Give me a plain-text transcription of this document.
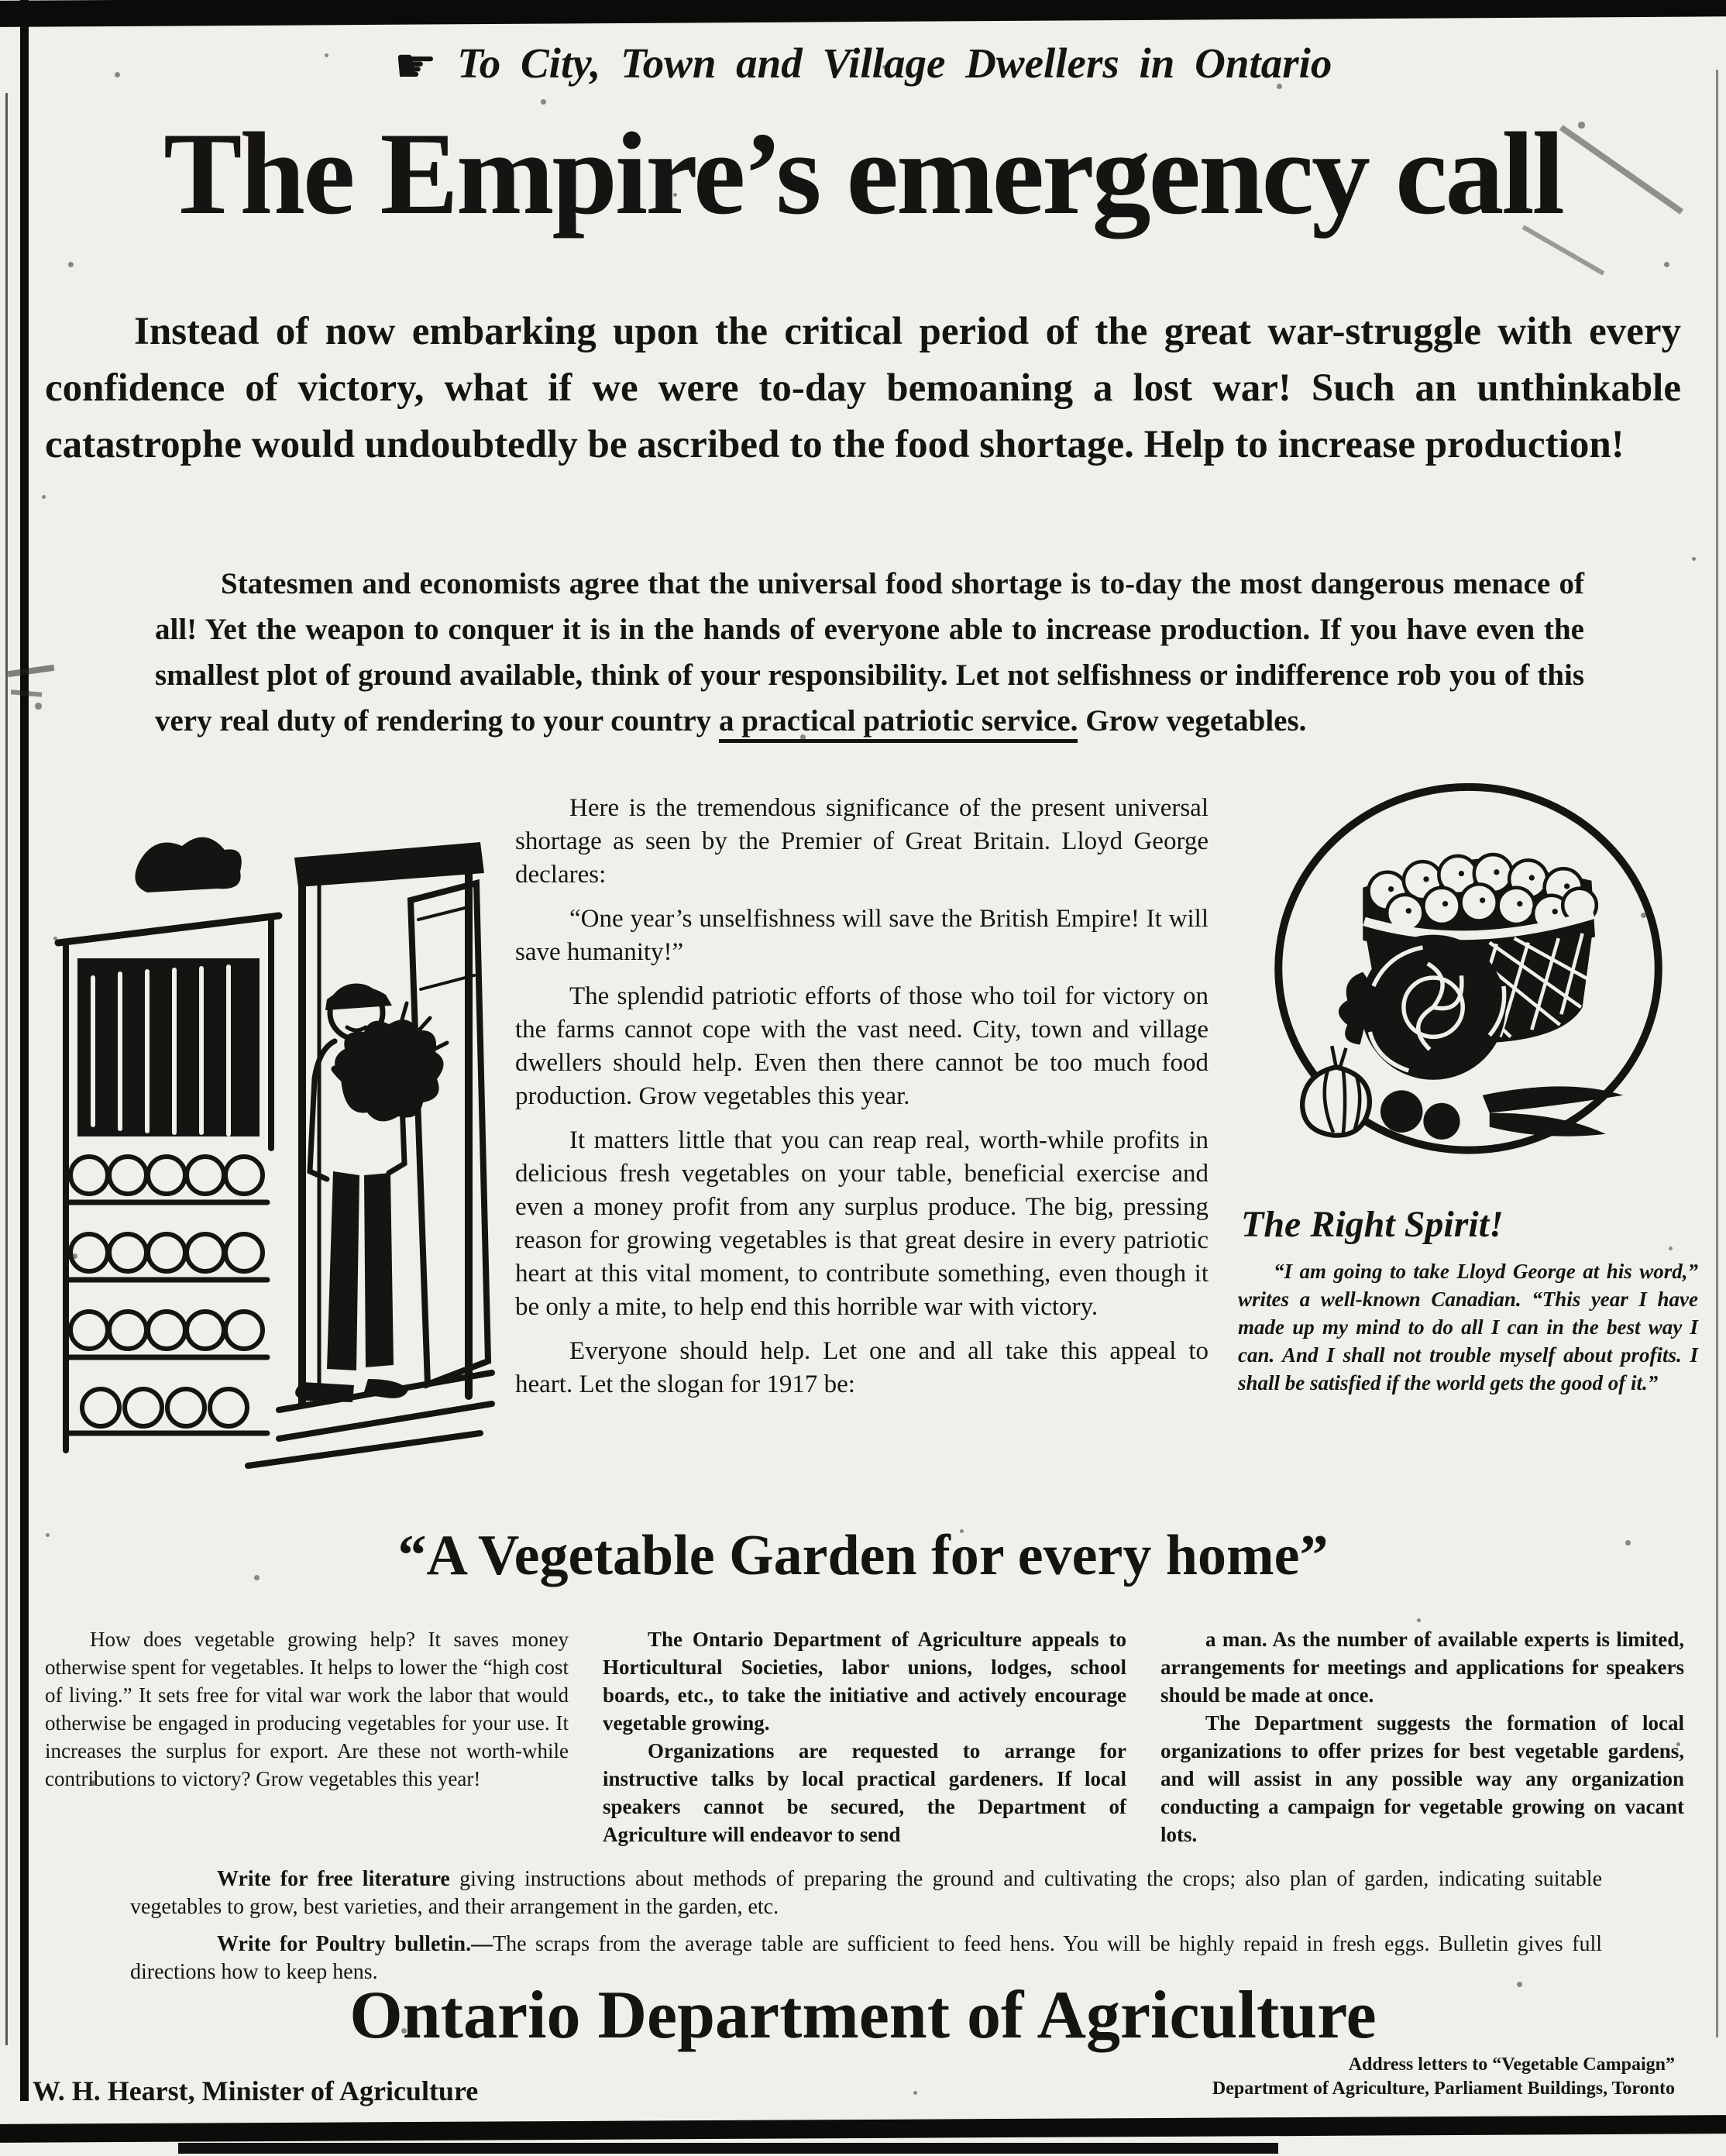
☛ To City, Town and Village Dwellers in Ontario
The Empire’s emergency call
Instead of now embarking upon the critical period of the great war-struggle with every confidence of victory, what if we were to-day bemoaning a lost war! Such an unthinkable catastrophe would undoubtedly be ascribed to the food shortage. Help to increase production!
Statesmen and economists agree that the universal food shortage is to-day the most dangerous menace of all! Yet the weapon to conquer it is in the hands of everyone able to increase production. If you have even the smallest plot of ground available, think of your responsibility. Let not selfishness or indifference rob you of this very real duty of rendering to your country a practical patriotic service. Grow vegetables.

Here is the tremendous significance of the present universal shortage as seen by the Premier of Great Britain. Lloyd George declares:

“One year’s unselfishness will save the British Empire! It will save humanity!”

The splendid patriotic efforts of those who toil for victory on the farms cannot cope with the vast need. City, town and village dwellers should help. Even then there cannot be too much food production. Grow vegetables this year.

It matters little that you can reap real, worth-while profits in delicious fresh vegetables on your table, beneficial exercise and even a money profit from any surplus produce. The big, pressing reason for growing vegetables is that great desire in every patriotic heart at this vital moment, to contribute something, even though it be only a mite, to help end this horrible war with victory.

Everyone should help. Let one and all take this appeal to heart. Let the slogan for 1917 be:

The Right Spirit!
“I am going to take Lloyd George at his word,” writes a well-known Canadian. “This year I have made up my mind to do all I can in the best way I can. And I shall not trouble myself about profits. I shall be satisfied if the world gets the good of it.”
“A Vegetable Garden for every home”

How does vegetable growing help? It saves money otherwise spent for vegetables. It helps to lower the “high cost of living.” It sets free for vital war work the labor that would otherwise be engaged in producing vegetables for your use. It increases the surplus for export. Are these not worth-while contributions to victory? Grow vegetables this year!

The Ontario Department of Agriculture appeals to Horticultural Societies, labor unions, lodges, school boards, etc., to take the initiative and actively encourage vegetable growing.

Organizations are requested to arrange for instructive talks by local practical gardeners. If local speakers cannot be secured, the Department of Agriculture will endeavor to send

a man. As the number of available experts is limited, arrangements for meetings and applications for speakers should be made at once.

The Department suggests the formation of local organizations to offer prizes for best vegetable gardens, and will assist in any possible way any organization conducting a campaign for vegetable growing on vacant lots.

Write for free literature giving instructions about methods of preparing the ground and cultivating the crops; also plan of garden, indicating suitable vegetables to grow, best varieties, and their arrangement in the garden, etc.

Write for Poultry bulletin.—The scraps from the average table are sufficient to feed hens. You will be highly repaid in fresh eggs. Bulletin gives full directions how to keep hens.

Ontario Department of Agriculture
W. H. Hearst, Minister of Agriculture
Address letters to “Vegetable Campaign”
Department of Agriculture, Parliament Buildings, Toronto
